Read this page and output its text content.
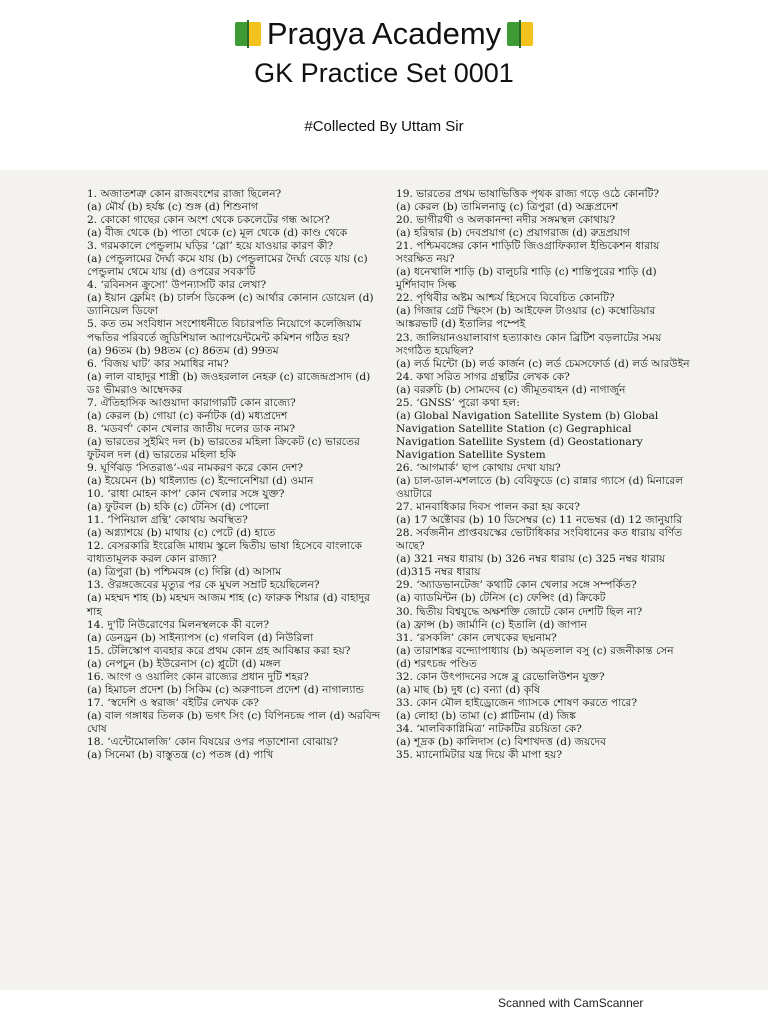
Pragya Academy
GK Practice Set 0001
#Collected By Uttam Sir

1. অজাতশত্রু কোন রাজবংশের রাজা ছিলেন?

(a) মৌর্য (b) হর্যঙ্ক (c) শুঙ্গ (d) শিশুনাগ

2. কোকো গাছের কোন অংশ থেকে চকলেটের গন্ধ আসে?

(a) বীজ থেকে (b) পাতা থেকে (c) মূল থেকে (d) কাণ্ড থেকে

3. গরমকালে পেন্ডুলাম ঘড়ির ‘স্লো’ হয়ে যাওয়ার কারণ কী?

(a) পেন্ডুলামের দৈর্ঘ্য কমে যায় (b) পেন্ডুলামের দৈর্ঘ্য বেড়ে যায় (c) পেন্ডুলাম থেমে যায় (d) ওপরের সবক'টি

4. ‘রবিনসন ক্রুসো’ উপন্যাসটি কার লেখা?

(a) ইয়ান ফ্লেমিং (b) চার্লস ডিকেন্স (c) আর্থার কোনান ডোয়েল (d) ড্যানিয়েল ডিফো

5. কত তম সংবিধান সংশোধনীতে বিচারপতি নিয়োগে কলেজিয়াম পদ্ধতির পরিবর্তে জুডিশিয়াল অ্যাপয়েন্টমেন্ট কমিশন গঠিত হয়?

(a) 96তম (b) 98তম (c) 86তম (d) 99তম

6. ‘বিজয় ঘাট’ কার সমাধির নাম?

(a) লাল বাহাদুর শাস্ত্রী (b) জওহরলাল নেহরু (c) রাজেন্দ্রপ্রসাদ (d) ডঃ ভীমরাও আম্বেদকর

7. ঐতিহাসিক আগুয়াদা কারাগারটি কোন রাজ্যে?

(a) কেরল (b) গোয়া (c) কর্নাটক (d) মধ্যপ্রদেশ

8. ‘মডবর্ণ’ কোন খেলার জাতীয় দলের ডাক নাম?

(a) ভারতের সুইমিং দল (b) ভারতের মহিলা ক্রিকেট (c) ভারতের ফুটবল দল (d) ভারতের মহিলা হকি

9. ঘূর্ণিঝড় ‘সিতরাঙ’-এর নামকরণ করে কোন দেশ?

(a) ইয়েমেন (b) থাইল্যান্ড (c) ইন্দোনেশিয়া (d) ওমান

10. ‘রাধা মোহন কাপ’ কোন খেলার সঙ্গে যুক্ত?

(a) ফুটবল (b) হকি (c) টেনিস (d) পোলো

11. ‘পিনিয়াল গ্রন্থি’ কোথায় অবস্থিত?

(a) অগ্ন্যাশয়ে (b) মাথায় (c) পেটে (d) হাতে

12. বেসরকারি ইংরেজি মাধ্যম স্কুলে দ্বিতীয় ভাষা হিসেবে বাংলাকে বাধ্যতামূলক করল কোন রাজ্য?

(a) ত্রিপুরা (b) পশ্চিমবঙ্গ (c) দিল্লি (d) আসাম

13. ঔরঙ্গজেবের মৃত্যুর পর কে মুঘল সম্রাট হয়েছিলেন?

(a) মহম্মদ শাহ (b) মহম্মদ আজম শাহ (c) ফারুক শিয়ার (d) বাহাদুর শাহ

14. দু'টি নিউরোণের মিলনস্থলকে কী বলে?

(a) ডেনড্রন (b) সাইন্যাপস (c) গলবিল (d) নিউরিলা

15. টেলিস্কোপ ব্যবহার করে প্রথম কোন গ্রহ আবিষ্কার করা হয়?

(a) নেপচুন (b) ইউরেনাস (c) প্লুটো (d) মঙ্গল

16. আংগ ও ওয়ালিং কোন রাজ্যের প্রধান দুটি শহর?

(a) হিমাচল প্রদেশ (b) সিকিম (c) অরুণাচল প্রদেশ (d) নাগাল্যান্ড

17. ‘স্বদেশি ও স্বরাজ’ বইটির লেখক কে?

(a) বাল গঙ্গাধর তিলক (b) ভগৎ সিং (c) বিপিনচন্দ্র পাল (d) অরবিন্দ ঘোষ

18. ‘এন্টোমোলজি’ কোন বিষয়ের ওপর পড়াশোনা বোঝায়?

(a) সিনেমা (b) বাস্তুতন্ত্র (c) পতঙ্গ (d) পাখি

19. ভারতের প্রথম ভাষাভিত্তিক পৃথক রাজ্য গড়ে ওঠে কোনটি?

(a) কেরল (b) তামিলনাড়ু (c) ত্রিপুরা (d) অন্ধ্রপ্রদেশ

20. ভাগীরথী ও অলকানন্দা নদীর সঙ্গমস্থল কোথায়?

(a) হরিদ্বার (b) দেবপ্রয়াগ (c) প্রয়াগরাজ (d) রুদ্রপ্রয়াগ

21. পশ্চিমবঙ্গের কোন শাড়িটি জিওগ্রাফিক্যাল ইন্ডিকেশন ধারায় সংরক্ষিত নয়?

(a) ধনেখালি শাড়ি (b) বালুচরি শাড়ি (c) শান্তিপুরের শাড়ি (d) মুর্শিদাবাদ সিল্ক

22. পৃথিবীর অষ্টম আশ্চর্য হিসেবে বিবেচিত কোনটি?

(a) গিজার গ্রেট স্ফিংস (b) আইফেল টাওয়ার (c) কম্বোডিয়ার আঙ্করভাট (d) ইতালির পম্পেই

23. জালিয়ানওয়ালাবাগ হত্যাকাণ্ড কোন ব্রিটিশ বড়লাটের সময় সংগঠিত হয়েছিল?

(a) লর্ড মিন্টো (b) লর্ড কার্জন (c) লর্ড চেমসফোর্ড (d) লর্ড আরউইন

24. কথা সরিত সাগর গ্রন্থটির লেখক কে?

(a) বররুচি (b) সোমদেব (c) জীমূতবাহন (d) নাগার্জুন

25. ‘GNSS’ পুরো কথা হল:

(a) Global Navigation Satellite System (b) Global Navigation Satellite Station (c) Gegraphical Navigation Satellite System (d) Geostationary Navigation Satellite System

26. ‘আগমার্ক’ ছাপ কোথায় দেখা যায়?

(a) চাল-ডাল-মশলাতে (b) বেবিফুডে (c) রান্নার গ্যাসে (d) মিনারেল ওয়াটারে

27. মানবাধিকার দিবস পালন করা হয় কবে?

(a) 17 অক্টোবর (b) 10 ডিসেম্বর (c) 11 নভেম্বর (d) 12 জানুয়ারি

28. সর্বজনীন প্রাপ্তবয়স্কের ভোটাধিকার সংবিধানের কত ধারায় বর্ণিত আছে?

(a) 321 নম্বর ধারায় (b) 326 নম্বর ধারায় (c) 325 নম্বর ধারায় (d)315 নম্বর ধারায়

29. ‘অ্যাডভানটেজ’ কথাটি কোন খেলার সঙ্গে সম্পর্কিত?

(a) ব্যাডমিন্টন (b) টেনিস (c) ফেন্সিং (d) ক্রিকেট

30. দ্বিতীয় বিশ্বযুদ্ধে অক্ষশক্তি জোটে কোন দেশটি ছিল না?

(a) ফ্রান্স (b) জার্মানি (c) ইতালি (d) জাপান

31. ‘রসকলি’ কোন লেখকের ছদ্মনাম?

(a) তারাশঙ্কর বন্দ্যোপাধ্যায় (b) অমৃতলাল বসু (c) রজনীকান্ত সেন (d) শরৎচন্দ্র পণ্ডিত

32. কোন উৎপাদনের সঙ্গে ব্লু রেভোলিউশন যুক্ত?

(a) মাছ (b) দুধ (c) বন্যা (d) কৃষি

33. কোন মৌল হাইড্রোজেন গ্যাসকে শোষণ করতে পারে?

(a) লোহা (b) তামা (c) প্লাটিনাম (d) জিঙ্ক

34. ‘মালবিকাগ্নিমিত্র’ নাটকটির রচয়িতা কে?

(a) শূদ্রক (b) কালিদাস (c) বিশাখদত্ত (d) জয়দেব

35. ম্যানোমিটার যন্ত্র দিয়ে কী মাপা হয়?

Scanned with CamScanner
